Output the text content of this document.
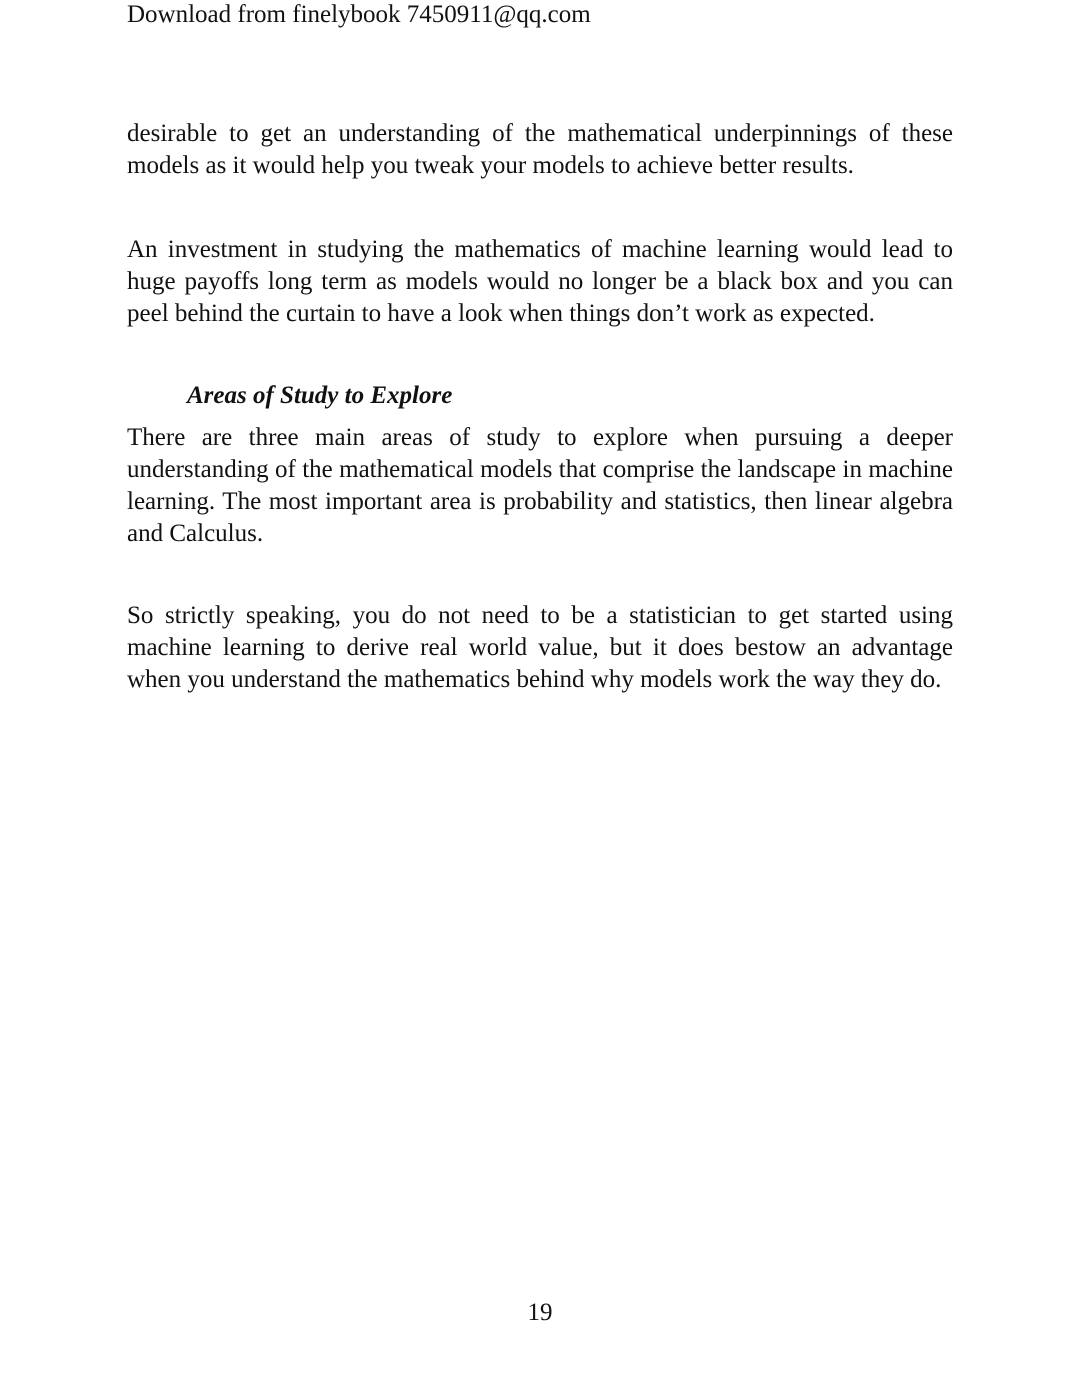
Download from finelybook 7450911@qq.com

desirable to get an understanding of the mathematical underpinnings of these models as it would help you tweak your models to achieve better results.

An investment in studying the mathematics of machine learning would lead to huge payoffs long term as models would no longer be a black box and you can peel behind the curtain to have a look when things don’t work as expected.

Areas of Study to Explore

There are three main areas of study to explore when pursuing a deeper understanding of the mathematical models that comprise the landscape in machine learning. The most important area is probability and statistics, then linear algebra and Calculus.

So strictly speaking, you do not need to be a statistician to get started using machine learning to derive real world value, but it does bestow an advantage when you understand the mathematics behind why models work the way they do.

19
